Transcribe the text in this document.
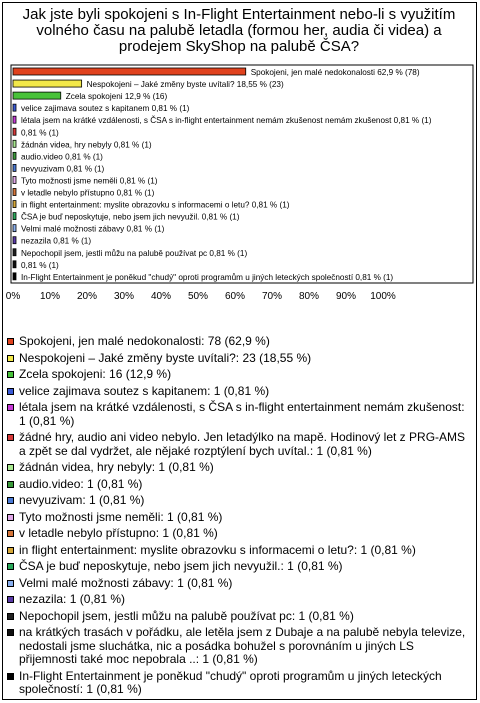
Jak jste byli spokojeni s In-Flight Entertainment nebo-li s využitím volného času na palubě letadla (formou her, audia či videa) a prodejem SkyShop na palubě ČSA?
Spokojeni, jen malé nedokonalosti 62,9 % (78)
Nespokojeni – Jaké změny byste uvítali? 18,55 % (23)
Zcela spokojeni 12,9 % (16)
velice zajimava soutez s kapitanem 0,81 % (1)
létala jsem na krátké vzdálenosti, s ČSA s in-flight entertainment nemám zkušenost nemám zkušenost 0,81 % (1)
0,81 % (1)
žádnán videa, hry nebyly 0,81 % (1)
audio.video 0,81 % (1)
nevyuzivam 0,81 % (1)
Tyto možnosti jsme neměli 0,81 % (1)
v letadle nebylo přístupno 0,81 % (1)
in flight entertainment: myslite obrazovku s informacemi o letu? 0,81 % (1)
ČSA je buď neposkytuje, nebo jsem jich nevyužil. 0,81 % (1)
Velmi malé možnosti zábavy 0,81 % (1)
nezazila 0,81 % (1)
Nepochopil jsem, jestli můžu na palubě používat pc 0,81 % (1)
0,81 % (1)
In-Flight Entertainment je poněkud "chudý" oproti programům u jiných leteckých společností 0,81 % (1)
0% 10% 20% 30% 40% 50% 60% 70% 80% 90% 100%
Spokojeni, jen malé nedokonalosti: 78 (62,9 %)
Nespokojeni – Jaké změny byste uvítali?: 23 (18,55 %)
Zcela spokojeni: 16 (12,9 %)
velice zajimava soutez s kapitanem: 1 (0,81 %)
létala jsem na krátké vzdálenosti, s ČSA s in-flight entertainment nemám zkušenost: 1 (0,81 %)
žádné hry, audio ani video nebylo. Jen letadýlko na mapě. Hodinový let z PRG-AMS a zpět se dal vydržet, ale nějaké rozptýlení bych uvítal.: 1 (0,81 %)
žádnán videa, hry nebyly: 1 (0,81 %)
audio.video: 1 (0,81 %)
nevyuzivam: 1 (0,81 %)
Tyto možnosti jsme neměli: 1 (0,81 %)
v letadle nebylo přístupno: 1 (0,81 %)
in flight entertainment: myslite obrazovku s informacemi o letu?: 1 (0,81 %)
ČSA je buď neposkytuje, nebo jsem jich nevyužil.: 1 (0,81 %)
Velmi malé možnosti zábavy: 1 (0,81 %)
nezazila: 1 (0,81 %)
Nepochopil jsem, jestli můžu na palubě používat pc: 1 (0,81 %)
na krátkých trasách v pořádku, ale letěla jsem z Dubaje a na palubě nebyla televize, nedostali jsme sluchátka, nic a posádka bohužel s porovnáním u jiných LS přijemnosti také moc nepobrala ..: 1 (0,81 %)
In-Flight Entertainment je poněkud "chudý" oproti programům u jiných leteckých společností: 1 (0,81 %)
